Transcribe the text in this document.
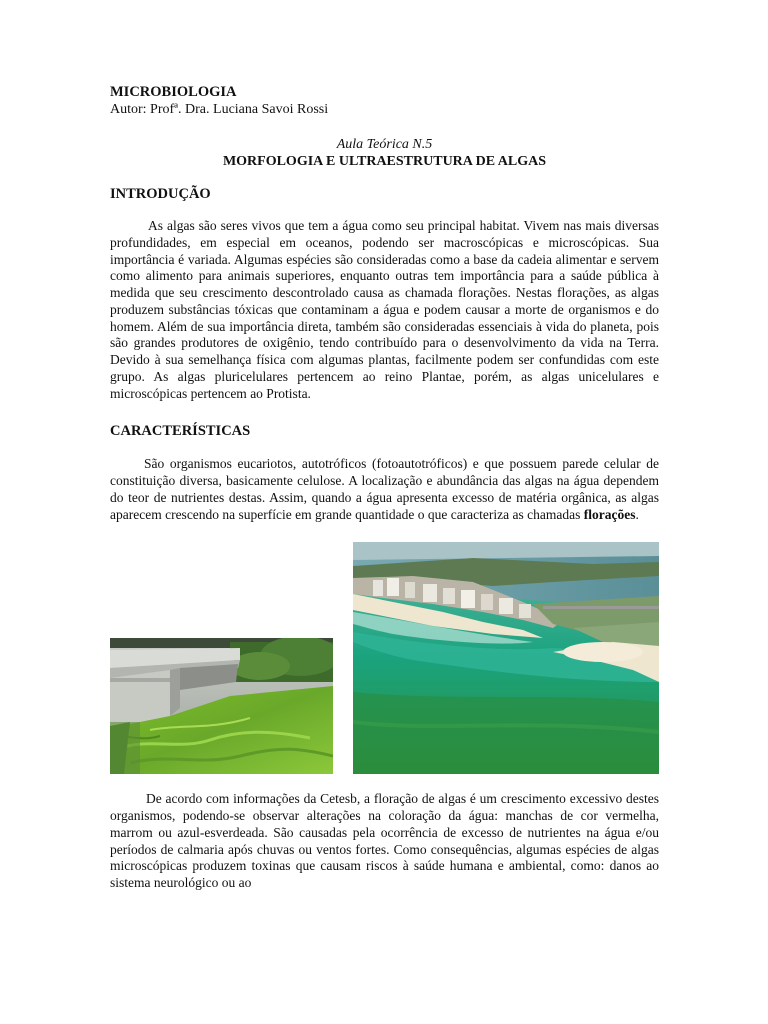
MICROBIOLOGIA

Autor: Profª. Dra. Luciana Savoi Rossi

Aula Teórica N.5

MORFOLOGIA E ULTRAESTRUTURA DE ALGAS

INTRODUÇÃO

As algas são seres vivos que tem a água como seu principal habitat. Vivem nas mais diversas profundidades, em especial em oceanos, podendo ser macroscópicas e microscópicas. Sua importância é variada. Algumas espécies são consideradas como a base da cadeia alimentar e servem como alimento para animais superiores, enquanto outras tem importância para a saúde pública à medida que seu crescimento descontrolado causa as chamada florações. Nestas florações, as algas produzem substâncias tóxicas que contaminam a água e podem causar a morte de organismos e do homem. Além de sua importância direta, também são consideradas essenciais à vida do planeta, pois são grandes produtores de oxigênio, tendo contribuído para o desenvolvimento da vida na Terra. Devido à sua semelhança física com algumas plantas, facilmente podem ser confundidas com este grupo. As algas pluricelulares pertencem ao reino Plantae, porém, as algas unicelulares e microscópicas pertencem ao Protista.

CARACTERÍSTICAS

São organismos eucariotos, autotróficos (fotoautotróficos) e que possuem parede celular de constituição diversa, basicamente celulose. A localização e abundância das algas na água dependem do teor de nutrientes destas. Assim, quando a água apresenta excesso de matéria orgânica, as algas aparecem crescendo na superfície em grande quantidade o que caracteriza as chamadas florações.

De acordo com informações da Cetesb, a floração de algas é um crescimento excessivo destes organismos, podendo-se observar alterações na coloração da água: manchas de cor vermelha, marrom ou azul-esverdeada. São causadas pela ocorrência de excesso de nutrientes na água e/ou períodos de calmaria após chuvas ou ventos fortes. Como consequências, algumas espécies de algas microscópicas produzem toxinas que causam riscos à saúde humana e ambiental, como: danos ao sistema neurológico ou ao
